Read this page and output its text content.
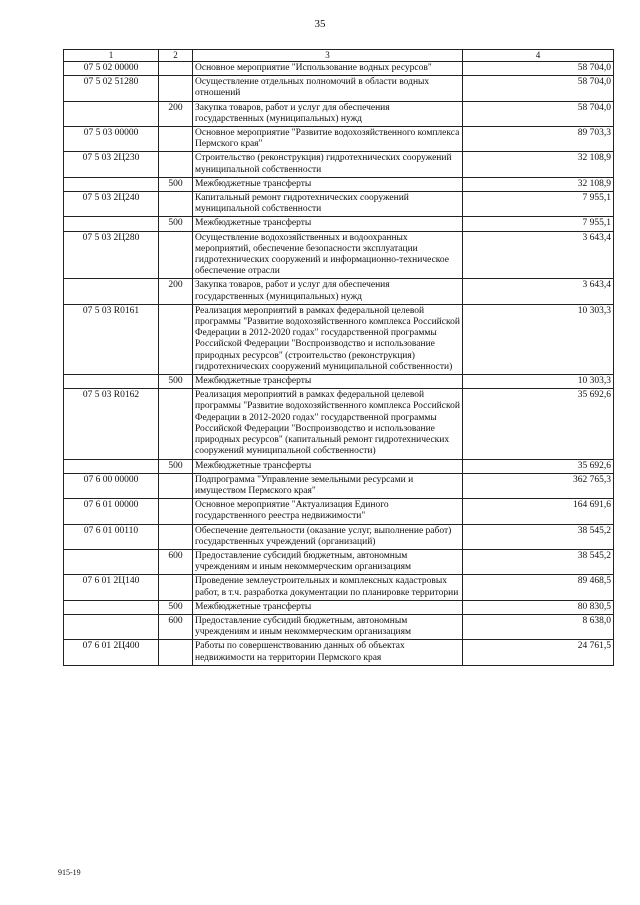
35
1	2	3	4
07 5 02 00000		Основное мероприятие "Использование водных ресурсов"	58 704,0
07 5 02 51280		Осуществление отдельных полномочий в области водных отношений	58 704,0
	200	Закупка товаров, работ и услуг для обеспечения государственных (муниципальных) нужд	58 704,0
07 5 03 00000		Основное мероприятие "Развитие водохозяйственного комплекса Пермского края"	89 703,3
07 5 03 2Ц230		Строительство (реконструкция) гидротехнических сооружений муниципальной собственности	32 108,9
	500	Межбюджетные трансферты	32 108,9
07 5 03 2Ц240		Капитальный ремонт гидротехнических сооружений муниципальной собственности	7 955,1
	500	Межбюджетные трансферты	7 955,1
07 5 03 2Ц280		Осуществление водохозяйственных и водоохранных мероприятий, обеспечение безопасности эксплуатации гидротехнических сооружений и информационно-техническое обеспечение отрасли	3 643,4
	200	Закупка товаров, работ и услуг для обеспечения государственных (муниципальных) нужд	3 643,4
07 5 03 R0161		Реализация мероприятий в рамках федеральной целевой программы "Развитие водохозяйственного комплекса Российской Федерации в 2012-2020 годах" государственной программы Российской Федерации "Воспроизводство и использование природных ресурсов" (строительство (реконструкция) гидротехнических сооружений муниципальной собственности)	10 303,3
	500	Межбюджетные трансферты	10 303,3
07 5 03 R0162		Реализация мероприятий в рамках федеральной целевой программы "Развитие водохозяйственного комплекса Российской Федерации в 2012-2020 годах" государственной программы Российской Федерации "Воспроизводство и использование природных ресурсов" (капитальный ремонт гидротехнических сооружений муниципальной собственности)	35 692,6
	500	Межбюджетные трансферты	35 692,6
07 6 00 00000		Подпрограмма "Управление земельными ресурсами и имуществом Пермского края"	362 765,3
07 6 01 00000		Основное мероприятие "Актуализация Единого государственного реестра недвижимости"	164 691,6
07 6 01 00110		Обеспечение деятельности (оказание услуг, выполнение работ) государственных учреждений (организаций)	38 545,2
	600	Предоставление субсидий бюджетным, автономным учреждениям и иным некоммерческим организациям	38 545,2
07 6 01 2Ц140		Проведение землеустроительных и комплексных кадастровых работ, в т.ч. разработка документации по планировке территории	89 468,5
	500	Межбюджетные трансферты	80 830,5
	600	Предоставление субсидий бюджетным, автономным учреждениям и иным некоммерческим организациям	8 638,0
07 6 01 2Ц400		Работы по совершенствованию данных об объектах недвижимости на территории Пермского края	24 761,5
915-19
